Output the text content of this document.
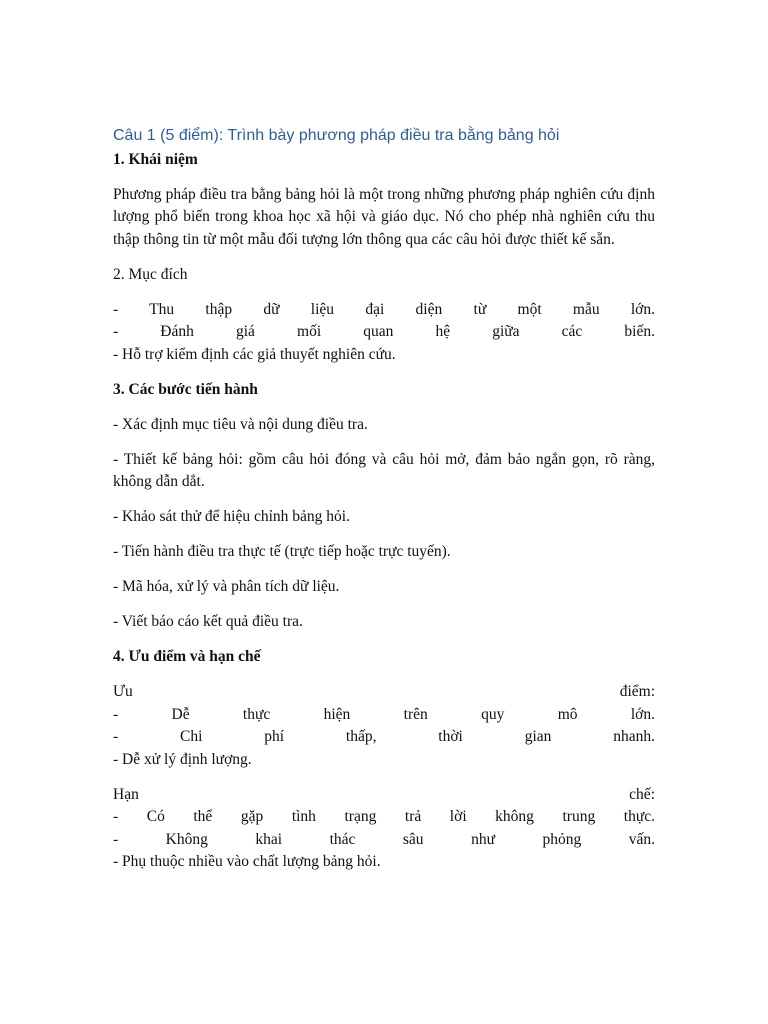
Câu 1 (5 điểm): Trình bày phương pháp điều tra bằng bảng hỏi
1. Khái niệm

Phương pháp điều tra bằng bảng hỏi là một trong những phương pháp nghiên cứu định lượng phổ biến trong khoa học xã hội và giáo dục. Nó cho phép nhà nghiên cứu thu thập thông tin từ một mẫu đối tượng lớn thông qua các câu hỏi được thiết kế sẵn.

2. Mục đích

- Thu thập dữ liệu đại diện từ một mẫu lớn.
- Đánh giá mối quan hệ giữa các biến.
- Hỗ trợ kiểm định các giả thuyết nghiên cứu.

3. Các bước tiến hành

- Xác định mục tiêu và nội dung điều tra.

- Thiết kế bảng hỏi: gồm câu hỏi đóng và câu hỏi mở, đảm bảo ngắn gọn, rõ ràng, không dẫn dắt.

- Khảo sát thử để hiệu chỉnh bảng hỏi.

- Tiến hành điều tra thực tế (trực tiếp hoặc trực tuyến).

- Mã hóa, xử lý và phân tích dữ liệu.

- Viết báo cáo kết quả điều tra.

4. Ưu điểm và hạn chế

Ưu điểm:
- Dễ thực hiện trên quy mô lớn.
- Chi phí thấp, thời gian nhanh.
- Dễ xử lý định lượng.

Hạn chế:
- Có thể gặp tình trạng trả lời không trung thực.
- Không khai thác sâu như phỏng vấn.
- Phụ thuộc nhiều vào chất lượng bảng hỏi.
